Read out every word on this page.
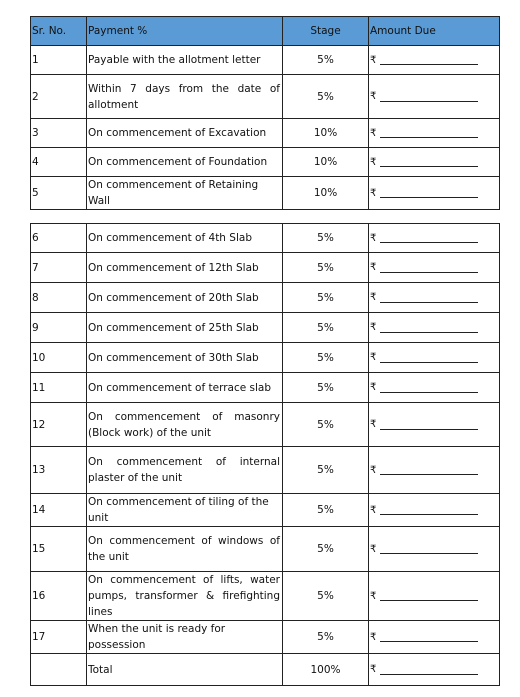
Sr. No.	Payment %	Stage	Amount Due
1	Payable with the allotment letter	5%	₹
2	Within 7 days from the date of allotment	5%	₹
3	On commencement of Excavation	10%	₹
4	On commencement of Foundation	10%	₹
5	On commencement of Retaining Wall	10%	₹
6	On commencement of 4th Slab	5%	₹
7	On commencement of 12th Slab	5%	₹
8	On commencement of 20th Slab	5%	₹
9	On commencement of 25th Slab	5%	₹
10	On commencement of 30th Slab	5%	₹
11	On commencement of terrace slab	5%	₹
12	On commencement of masonry (Block work) of the unit	5%	₹
13	On commencement of internal plaster of the unit	5%	₹
14	On commencement of tiling of the unit	5%	₹
15	On commencement of windows of the unit	5%	₹
16	On commencement of lifts, water pumps, transformer & firefighting lines	5%	₹
17	When the unit is ready for possession	5%	₹
	Total	100%	₹
